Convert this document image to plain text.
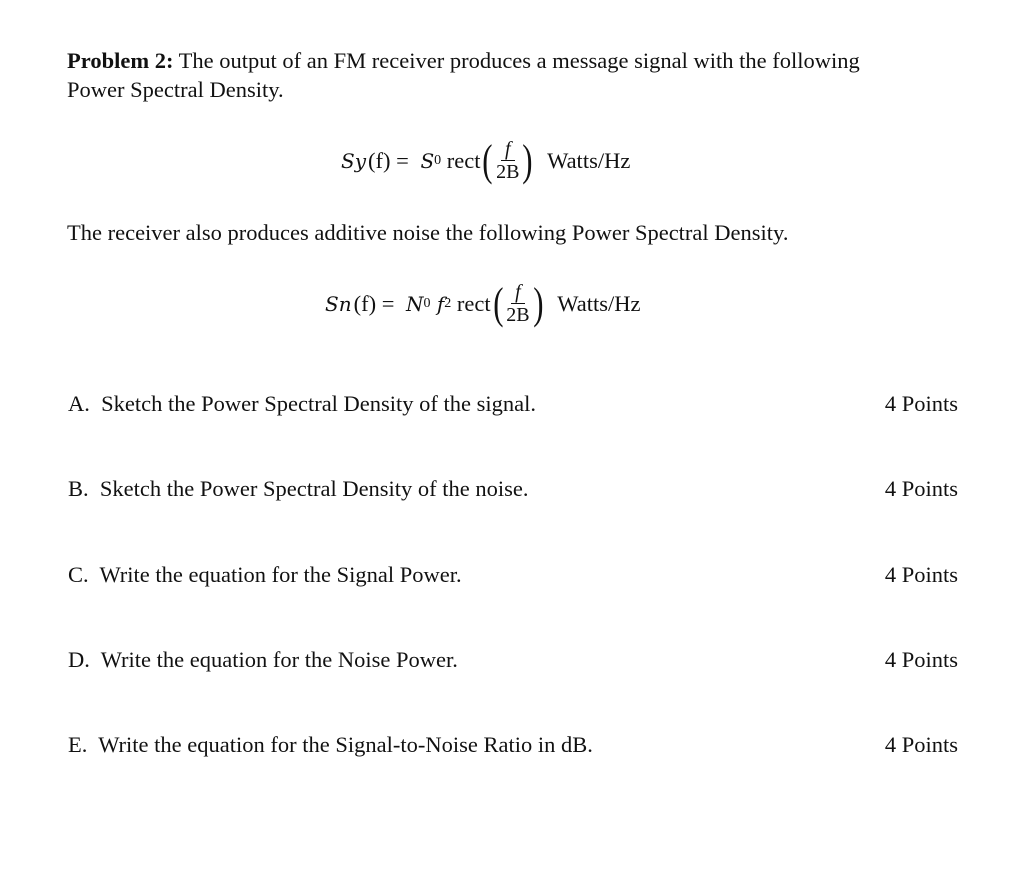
Problem 2: The output of an FM receiver produces a message signal with the following
Power Spectral Density.
S y (f) = S 0 rect ( $\frac{f}{2B}$ ) Watts/Hz
The receiver also produces additive noise the following Power Spectral Density.
S n (f) = N 0 f 2 rect ( $\frac{f}{2B}$ ) Watts/Hz
A.  Sketch the Power Spectral Density of the signal.	4 Points
B.  Sketch the Power Spectral Density of the noise.	4 Points
C.  Write the equation for the Signal Power.	4 Points
D.  Write the equation for the Noise Power.	4 Points
E.  Write the equation for the Signal-to-Noise Ratio in dB.	4 Points
